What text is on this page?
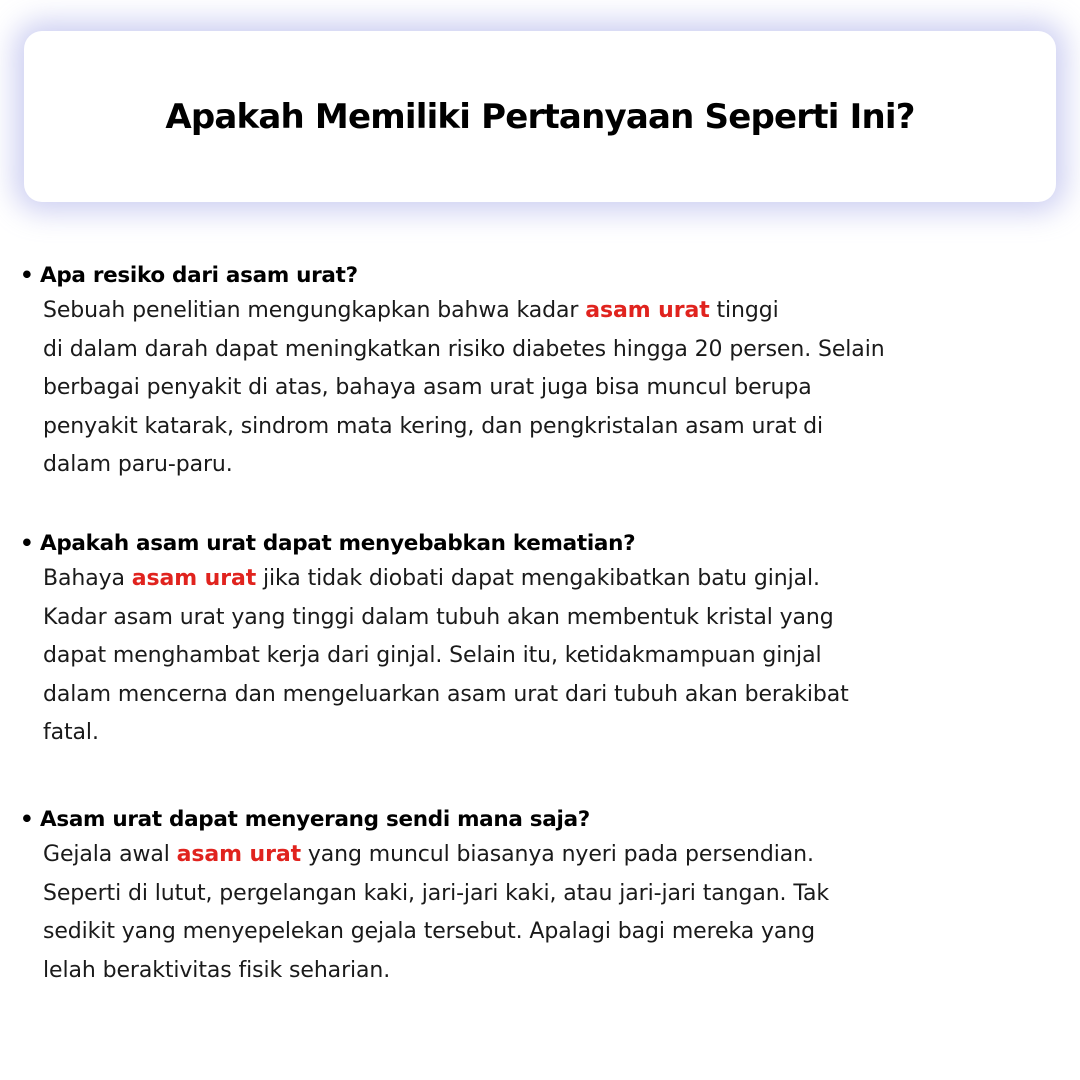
Apakah Memiliki Pertanyaan Seperti Ini?
• Apa resiko dari asam urat?
Sebuah penelitian mengungkapkan bahwa kadar asam urat tinggi
di dalam darah dapat meningkatkan risiko diabetes hingga 20 persen. Selain
berbagai penyakit di atas, bahaya asam urat juga bisa muncul berupa
penyakit katarak, sindrom mata kering, dan pengkristalan asam urat di
dalam paru-paru.
• Apakah asam urat dapat menyebabkan kematian?
Bahaya asam urat jika tidak diobati dapat mengakibatkan batu ginjal.
Kadar asam urat yang tinggi dalam tubuh akan membentuk kristal yang
dapat menghambat kerja dari ginjal. Selain itu, ketidakmampuan ginjal
dalam mencerna dan mengeluarkan asam urat dari tubuh akan berakibat
fatal.
• Asam urat dapat menyerang sendi mana saja?
Gejala awal asam urat yang muncul biasanya nyeri pada persendian.
Seperti di lutut, pergelangan kaki, jari-jari kaki, atau jari-jari tangan. Tak
sedikit yang menyepelekan gejala tersebut. Apalagi bagi mereka yang
lelah beraktivitas fisik seharian.
